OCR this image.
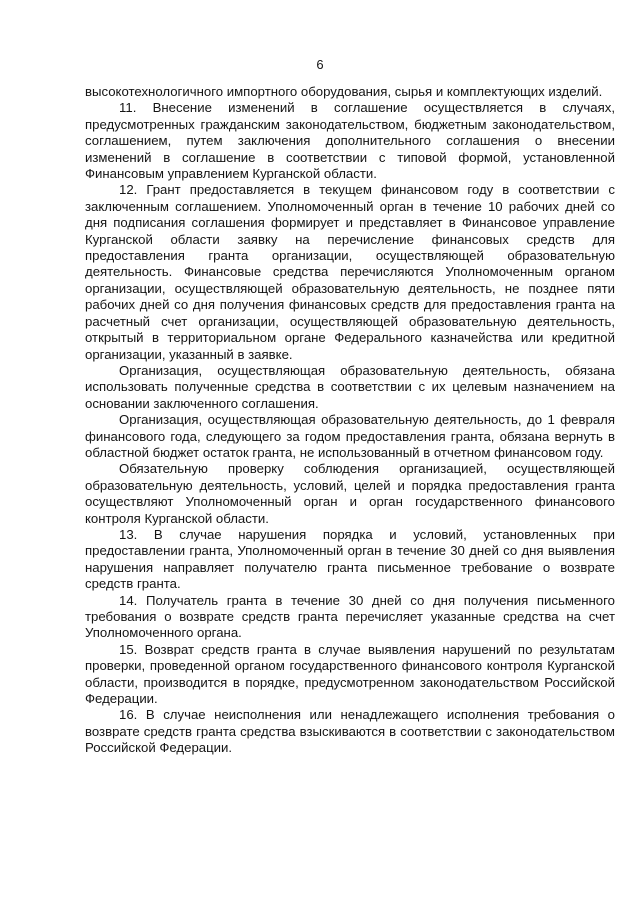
6

высокотехнологичного импортного оборудования, сырья и комплектующих изделий.

11. Внесение изменений в соглашение осуществляется в случаях, предусмотренных гражданским законодательством, бюджетным законодательством, соглашением, путем заключения дополнительного соглашения о внесении изменений в соглашение в соответствии с типовой формой, установленной Финансовым управлением Курганской области.

12. Грант предоставляется в текущем финансовом году в соответствии с заключенным соглашением. Уполномоченный орган в течение 10 рабочих дней со дня подписания соглашения формирует и представляет в Финансовое управление Курганской области заявку на перечисление финансовых средств для предоставления гранта организации, осуществляющей образовательную деятельность. Финансовые средства перечисляются Уполномоченным органом организации, осуществляющей образовательную деятельность, не позднее пяти рабочих дней со дня получения финансовых средств для предоставления гранта на расчетный счет организации, осуществляющей образовательную деятельность, открытый в территориальном органе Федерального казначейства или кредитной организации, указанный в заявке.

Организация, осуществляющая образовательную деятельность, обязана использовать полученные средства в соответствии с их целевым назначением на основании заключенного соглашения.

Организация, осуществляющая образовательную деятельность, до 1 февраля финансового года, следующего за годом предоставления гранта, обязана вернуть в областной бюджет остаток гранта, не использованный в отчетном финансовом году.

Обязательную проверку соблюдения организацией, осуществляющей образовательную деятельность, условий, целей и порядка предоставления гранта осуществляют Уполномоченный орган и орган государственного финансового контроля Курганской области.

13. В случае нарушения порядка и условий, установленных при предоставлении гранта, Уполномоченный орган в течение 30 дней со дня выявления нарушения направляет получателю гранта письменное требование о возврате средств гранта.

14. Получатель гранта в течение 30 дней со дня получения письменного требования о возврате средств гранта перечисляет указанные средства на счет Уполномоченного органа.

15. Возврат средств гранта в случае выявления нарушений по результатам проверки, проведенной органом государственного финансового контроля Курганской области, производится в порядке, предусмотренном законодательством Российской Федерации.

16. В случае неисполнения или ненадлежащего исполнения требования о возврате средств гранта средства взыскиваются в соответствии с законодательством Российской Федерации.
